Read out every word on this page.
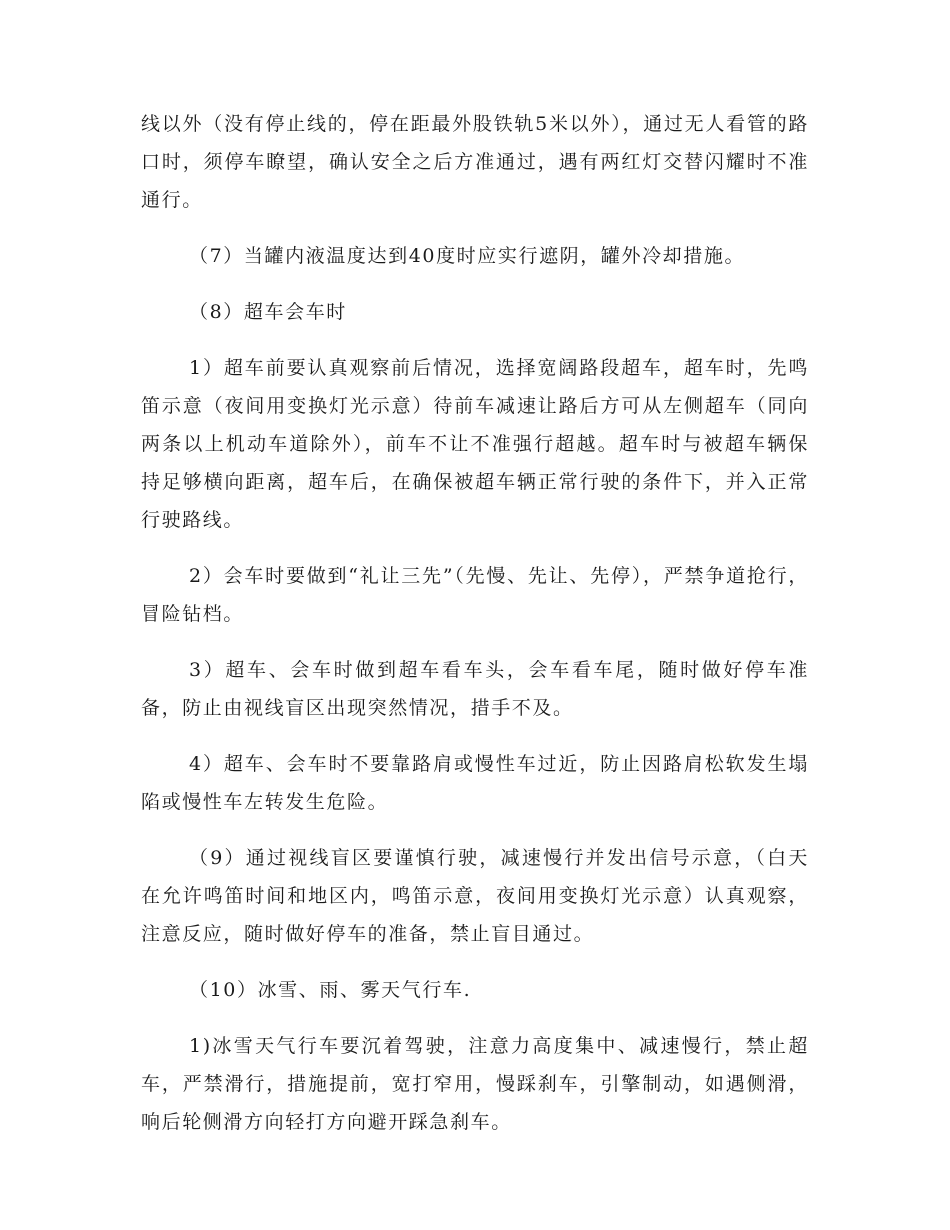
线以外（没有停止线的，停在距最外股铁轨5米以外），通过无人看管的路口时，须停车瞭望，确认安全之后方准通过，遇有两红灯交替闪耀时不准通行。

（7）当罐内液温度达到40度时应实行遮阴，罐外冷却措施。

（8）超车会车时

1）超车前要认真观察前后情况，选择宽阔路段超车，超车时，先鸣笛示意（夜间用变换灯光示意）待前车减速让路后方可从左侧超车（同向两条以上机动车道除外），前车不让不准强行超越。超车时与被超车辆保持足够横向距离，超车后，在确保被超车辆正常行驶的条件下，并入正常行驶路线。

2）会车时要做到“礼让三先”（先慢、先让、先停），严禁争道抢行，冒险钻档。

3）超车、会车时做到超车看车头，会车看车尾，随时做好停车准备，防止由视线盲区出现突然情况，措手不及。

4）超车、会车时不要靠路肩或慢性车过近，防止因路肩松软发生塌陷或慢性车左转发生危险。

（9）通过视线盲区要谨慎行驶，减速慢行并发出信号示意，（白天在允许鸣笛时间和地区内，鸣笛示意，夜间用变换灯光示意）认真观察，注意反应，随时做好停车的准备，禁止盲目通过。

（10）冰雪、雨、雾天气行车.

1)冰雪天气行车要沉着驾驶，注意力高度集中、减速慢行，禁止超车，严禁滑行，措施提前，宽打窄用，慢踩刹车，引擎制动，如遇侧滑，响后轮侧滑方向轻打方向避开踩急刹车。
